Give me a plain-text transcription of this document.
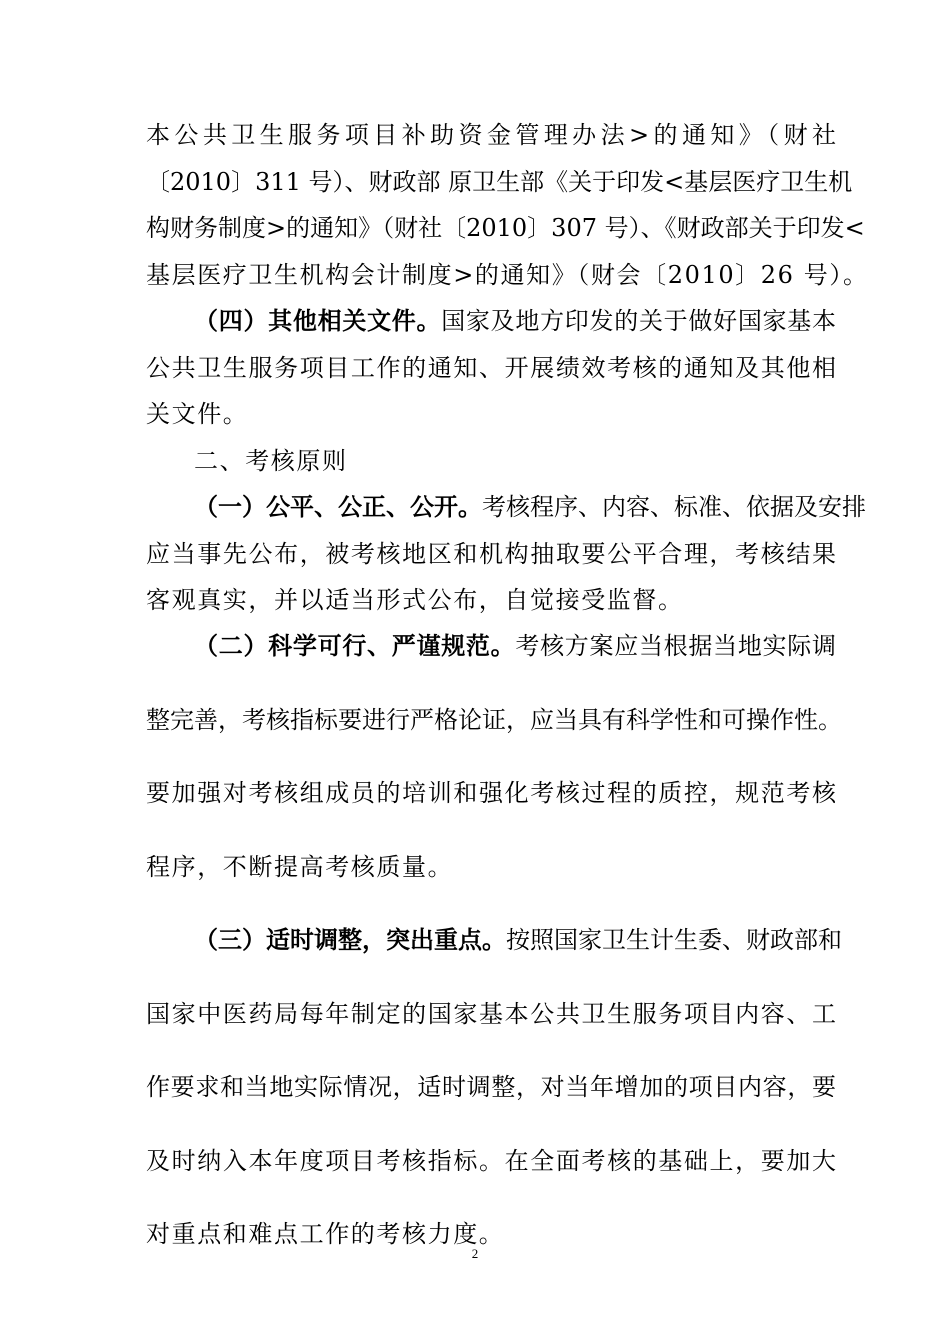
本公共卫生服务项目补助资金管理办法>的通知》（财社
〔2010〕311 号）、财政部 原卫生部《关于印发<基层医疗卫生机
构财务制度>的通知》（财社〔2010〕307 号）、《财政部关于印发<
基层医疗卫生机构会计制度>的通知》（财会〔2010〕26 号）。
（四）其他相关文件。国家及地方印发的关于做好国家基本
公共卫生服务项目工作的通知、开展绩效考核的通知及其他相
关文件。
二、考核原则
（一）公平、公正、公开。考核程序、内容、标准、依据及安排
应当事先公布，被考核地区和机构抽取要公平合理，考核结果
客观真实，并以适当形式公布，自觉接受监督。
（二）科学可行、严谨规范。考核方案应当根据当地实际调
整完善，考核指标要进行严格论证，应当具有科学性和可操作性。
要加强对考核组成员的培训和强化考核过程的质控，规范考核
程序，不断提高考核质量。
（三）适时调整，突出重点。按照国家卫生计生委、财政部和
国家中医药局每年制定的国家基本公共卫生服务项目内容、工
作要求和当地实际情况，适时调整，对当年增加的项目内容，要
及时纳入本年度项目考核指标。在全面考核的基础上，要加大
对重点和难点工作的考核力度。
2
